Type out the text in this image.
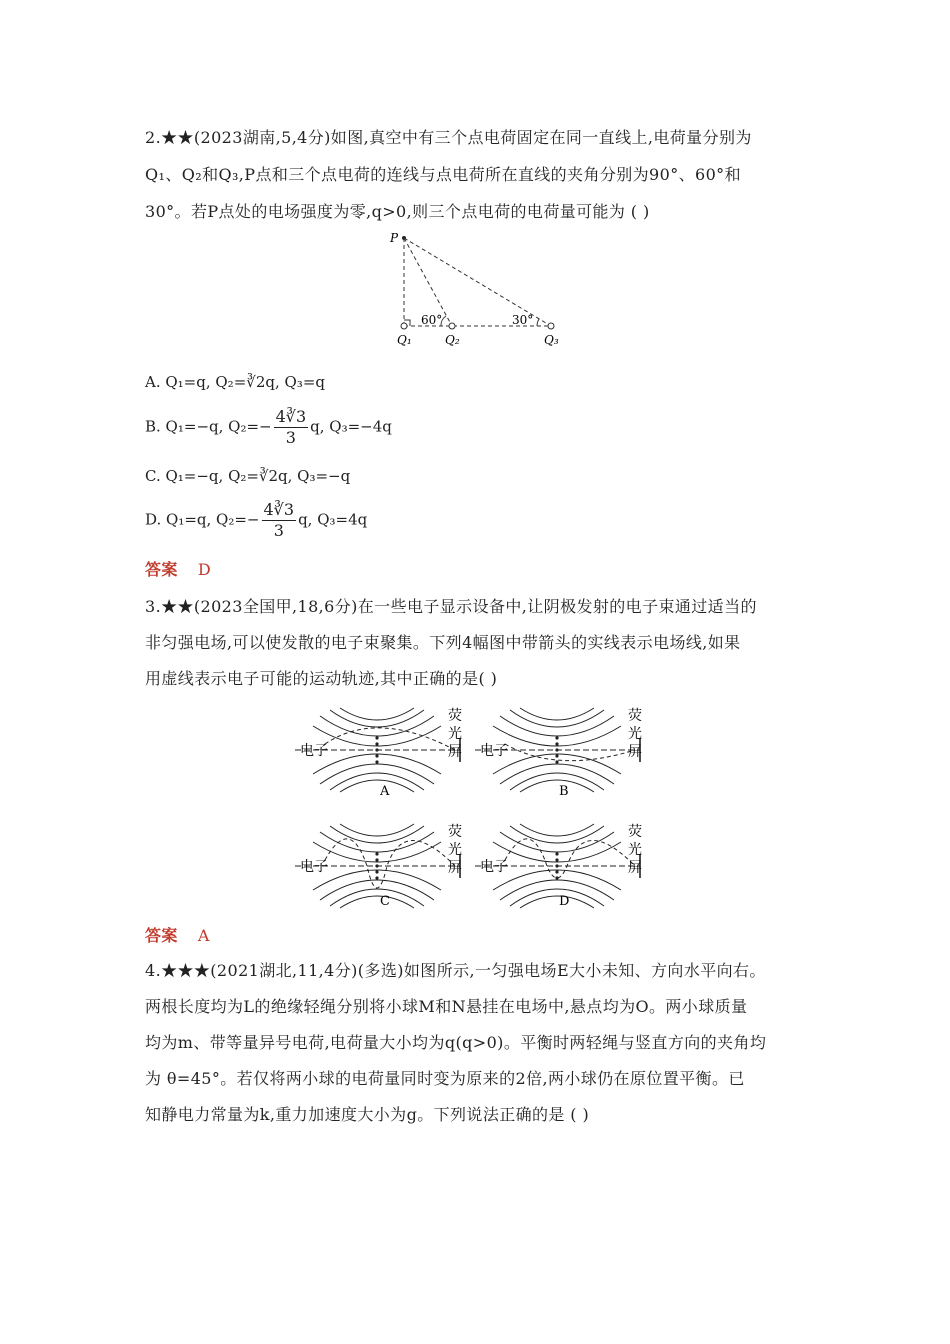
2.★★(2023湖南,5,4分)如图,真空中有三个点电荷固定在同一直线上,电荷量分别为
Q₁、Q₂和Q₃,P点和三个点电荷的连线与点电荷所在直线的夹角分别为90°、60°和
30°。若P点处的电场强度为零,q>0,则三个点电荷的电荷量可能为 ( )
P
60°	30°
Q₁	Q₂	Q₃
A. Q₁=q, Q₂=∛2q, Q₃=q
B. Q₁=−q, $Q_2=- \frac{4∛3}{3} q$, Q₃=−4q
C. Q₁=−q, Q₂=∛2q, Q₃=−q
D. Q₁=q, $Q_2=- \frac{4∛3}{3} q$, Q₃=4q
答案 D
3.★★(2023全国甲,18,6分)在一些电子显示设备中,让阴极发射的电子束通过适当的
非匀强电场,可以使发散的电子束聚集。下列4幅图中带箭头的实线表示电场线,如果
用虚线表示电子可能的运动轨迹,其中正确的是( )
电子	电子
电子	电子
荧
光
屏
荧
光
屏
荧
光
屏
荧
光
屏
A	B
C	D
答案 A
4.★★★(2021湖北,11,4分)(多选)如图所示,一匀强电场E大小未知、方向水平向右。
两根长度均为L的绝缘轻绳分别将小球M和N悬挂在电场中,悬点均为O。两小球质量
均为m、带等量异号电荷,电荷量大小均为q(q>0)。平衡时两轻绳与竖直方向的夹角均
为 θ=45°。若仅将两小球的电荷量同时变为原来的2倍,两小球仍在原位置平衡。已
知静电力常量为k,重力加速度大小为g。下列说法正确的是 ( )
